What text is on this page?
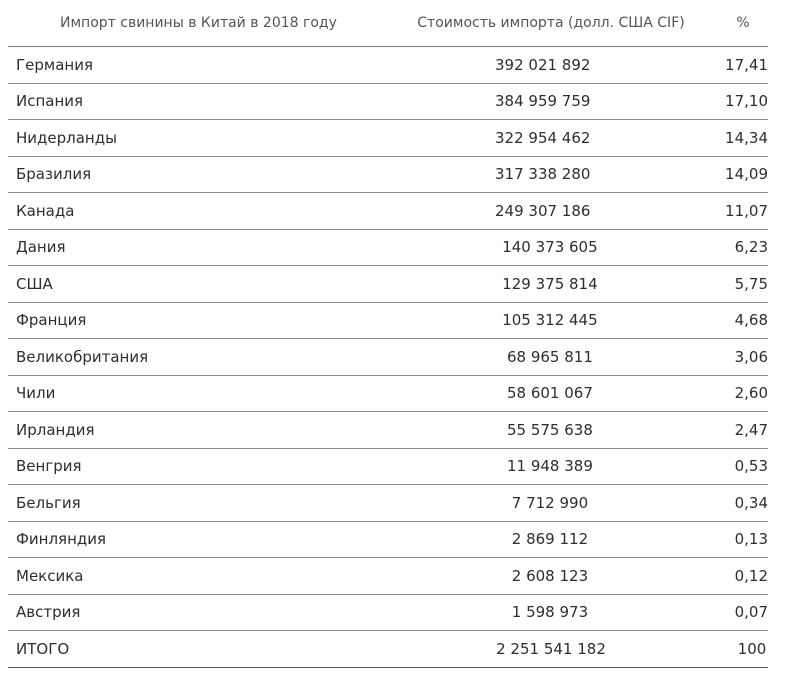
Импорт свинины в Китай в 2018 году	Стоимость импорта (долл. США CIF)	%
Германия	392 021 892	17,41
Испания	384 959 759	17,10
Нидерланды	322 954 462	14,34
Бразилия	317 338 280	14,09
Канада	249 307 186	11,07
Дания	140 373 605	6,23
США	129 375 814	5,75
Франция	105 312 445	4,68
Великобритания	68 965 811	3,06
Чили	58 601 067	2,60
Ирландия	55 575 638	2,47
Венгрия	11 948 389	0,53
Бельгия	7 712 990	0,34
Финляндия	2 869 112	0,13
Мексика	2 608 123	0,12
Австрия	1 598 973	0,07
ИТОГО	2 251 541 182	100
